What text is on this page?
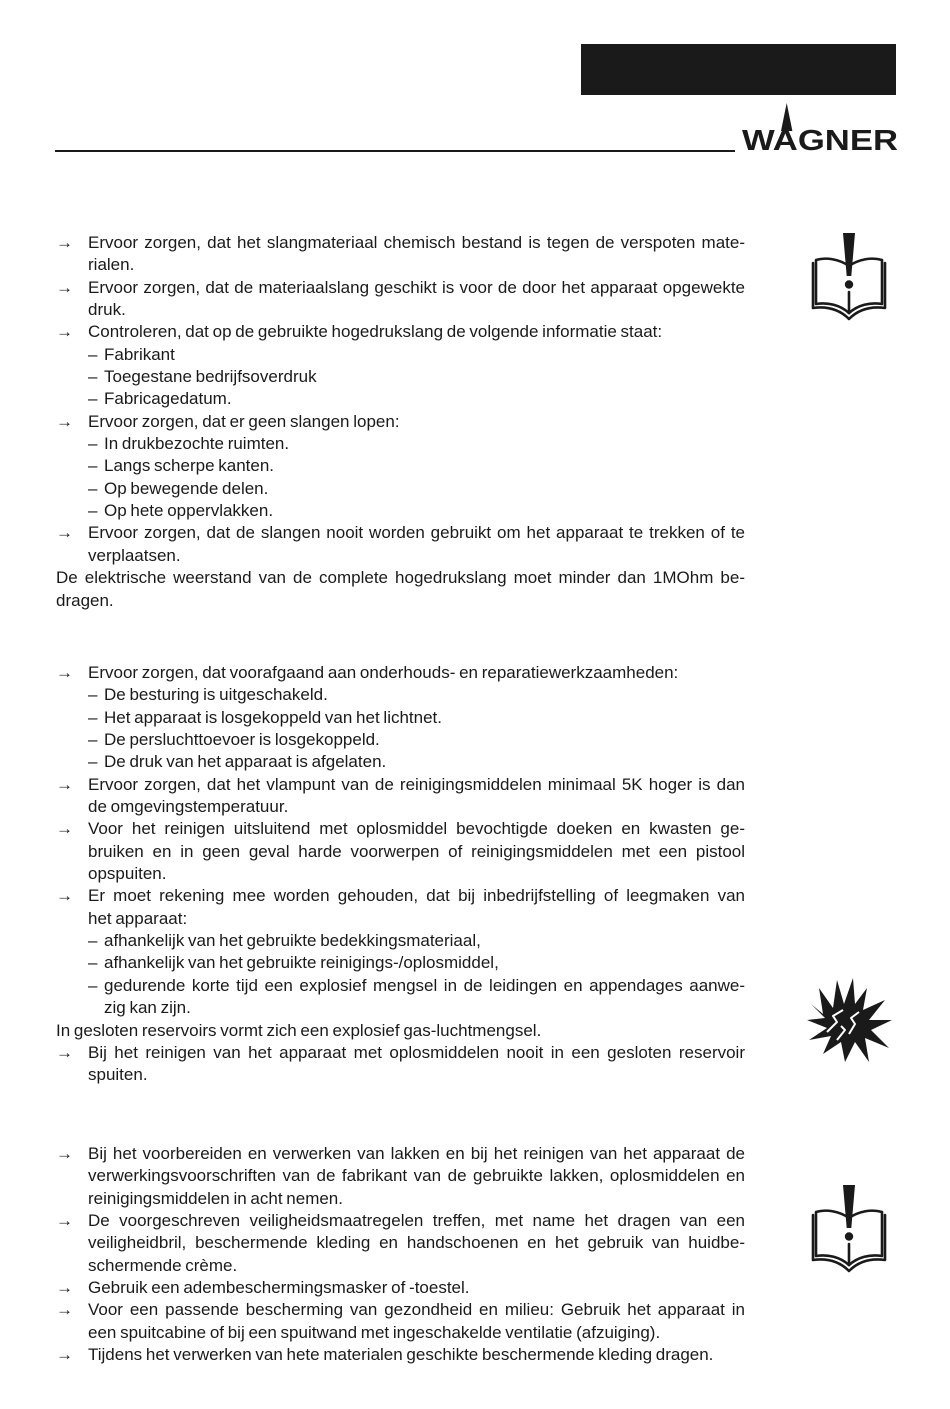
WAGNER
→ Ervoor zorgen, dat het slangmateriaal chemisch bestand is tegen de verspoten mate-
rialen.
→ Ervoor zorgen, dat de materiaalslang geschikt is voor de door het apparaat opgewekte
druk.
→ Controleren, dat op de gebruikte hogedrukslang de volgende informatie staat:
– Fabrikant
– Toegestane bedrijfsoverdruk
– Fabricagedatum.
→ Ervoor zorgen, dat er geen slangen lopen:
– In drukbezochte ruimten.
– Langs scherpe kanten.
– Op bewegende delen.
– Op hete oppervlakken.
→ Ervoor zorgen, dat de slangen nooit worden gebruikt om het apparaat te trekken of te
verplaatsen.
De elektrische weerstand van de complete hogedrukslang moet minder dan 1MOhm be-
dragen.
→ Ervoor zorgen, dat voorafgaand aan onderhouds- en reparatiewerkzaamheden:
– De besturing is uitgeschakeld.
– Het apparaat is losgekoppeld van het lichtnet.
– De persluchttoevoer is losgekoppeld.
– De druk van het apparaat is afgelaten.
→ Ervoor zorgen, dat het vlampunt van de reinigingsmiddelen minimaal 5K hoger is dan
de omgevingstemperatuur.
→ Voor het reinigen uitsluitend met oplosmiddel bevochtigde doeken en kwasten ge-
bruiken en in geen geval harde voorwerpen of reinigingsmiddelen met een pistool
opspuiten.
→ Er moet rekening mee worden gehouden, dat bij inbedrijfstelling of leegmaken van
het apparaat:
– afhankelijk van het gebruikte bedekkingsmateriaal,
– afhankelijk van het gebruikte reinigings-/oplosmiddel,
– gedurende korte tijd een explosief mengsel in de leidingen en appendages aanwe-
zig kan zijn.
In gesloten reservoirs vormt zich een explosief gas-luchtmengsel.
→ Bij het reinigen van het apparaat met oplosmiddelen nooit in een gesloten reservoir
spuiten.
→ Bij het voorbereiden en verwerken van lakken en bij het reinigen van het apparaat de
verwerkingsvoorschriften van de fabrikant van de gebruikte lakken, oplosmiddelen en
reinigingsmiddelen in acht nemen.
→ De voorgeschreven veiligheidsmaatregelen treffen, met name het dragen van een
veiligheidbril, beschermende kleding en handschoenen en het gebruik van huidbe-
schermende crème.
→ Gebruik een adembeschermingsmasker of -toestel.
→ Voor een passende bescherming van gezondheid en milieu: Gebruik het apparaat in
een spuitcabine of bij een spuitwand met ingeschakelde ventilatie (afzuiging).
→ Tijdens het verwerken van hete materialen geschikte beschermende kleding dragen.
